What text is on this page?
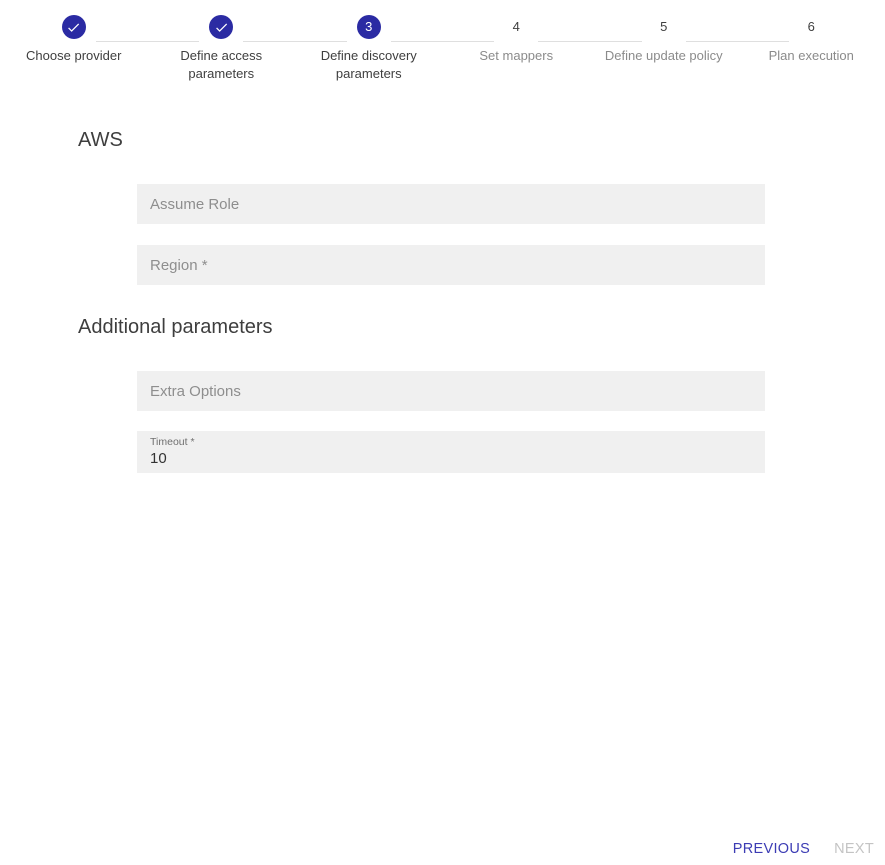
Choose provider	Define access parameters
3
Define discovery parameters
4
Set mappers
5
Define update policy
6
Plan execution
AWS
Assume Role
Region *
Additional parameters
Extra Options
Timeout *
10
PREVIOUS NEXT
